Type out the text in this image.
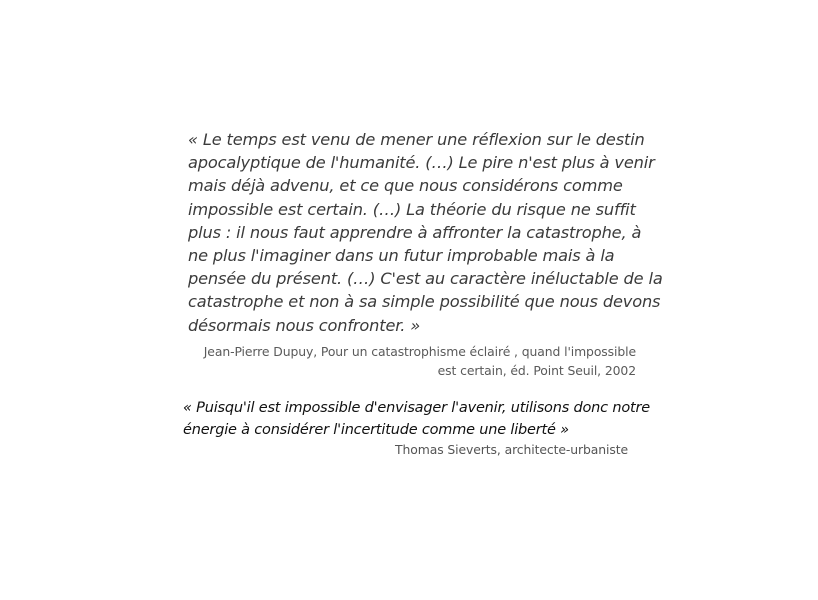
« Le temps est venu de mener une réflexion sur le destin
apocalyptique de l'humanité. (…) Le pire n'est plus à venir
mais déjà advenu, et ce que nous considérons comme
impossible est certain. (…) La théorie du risque ne suffit
plus : il nous faut apprendre à affronter la catastrophe, à
ne plus l'imaginer dans un futur improbable mais à la
pensée du présent. (…) C'est au caractère inéluctable de la
catastrophe et non à sa simple possibilité que nous devons
désormais nous confronter. »

Jean-Pierre Dupuy, Pour un catastrophisme éclairé , quand l'impossible
est certain, éd. Point Seuil, 2002

« Puisqu'il est impossible d'envisager l'avenir, utilisons donc notre
énergie à considérer l'incertitude comme une liberté »

Thomas Sieverts, architecte-urbaniste
